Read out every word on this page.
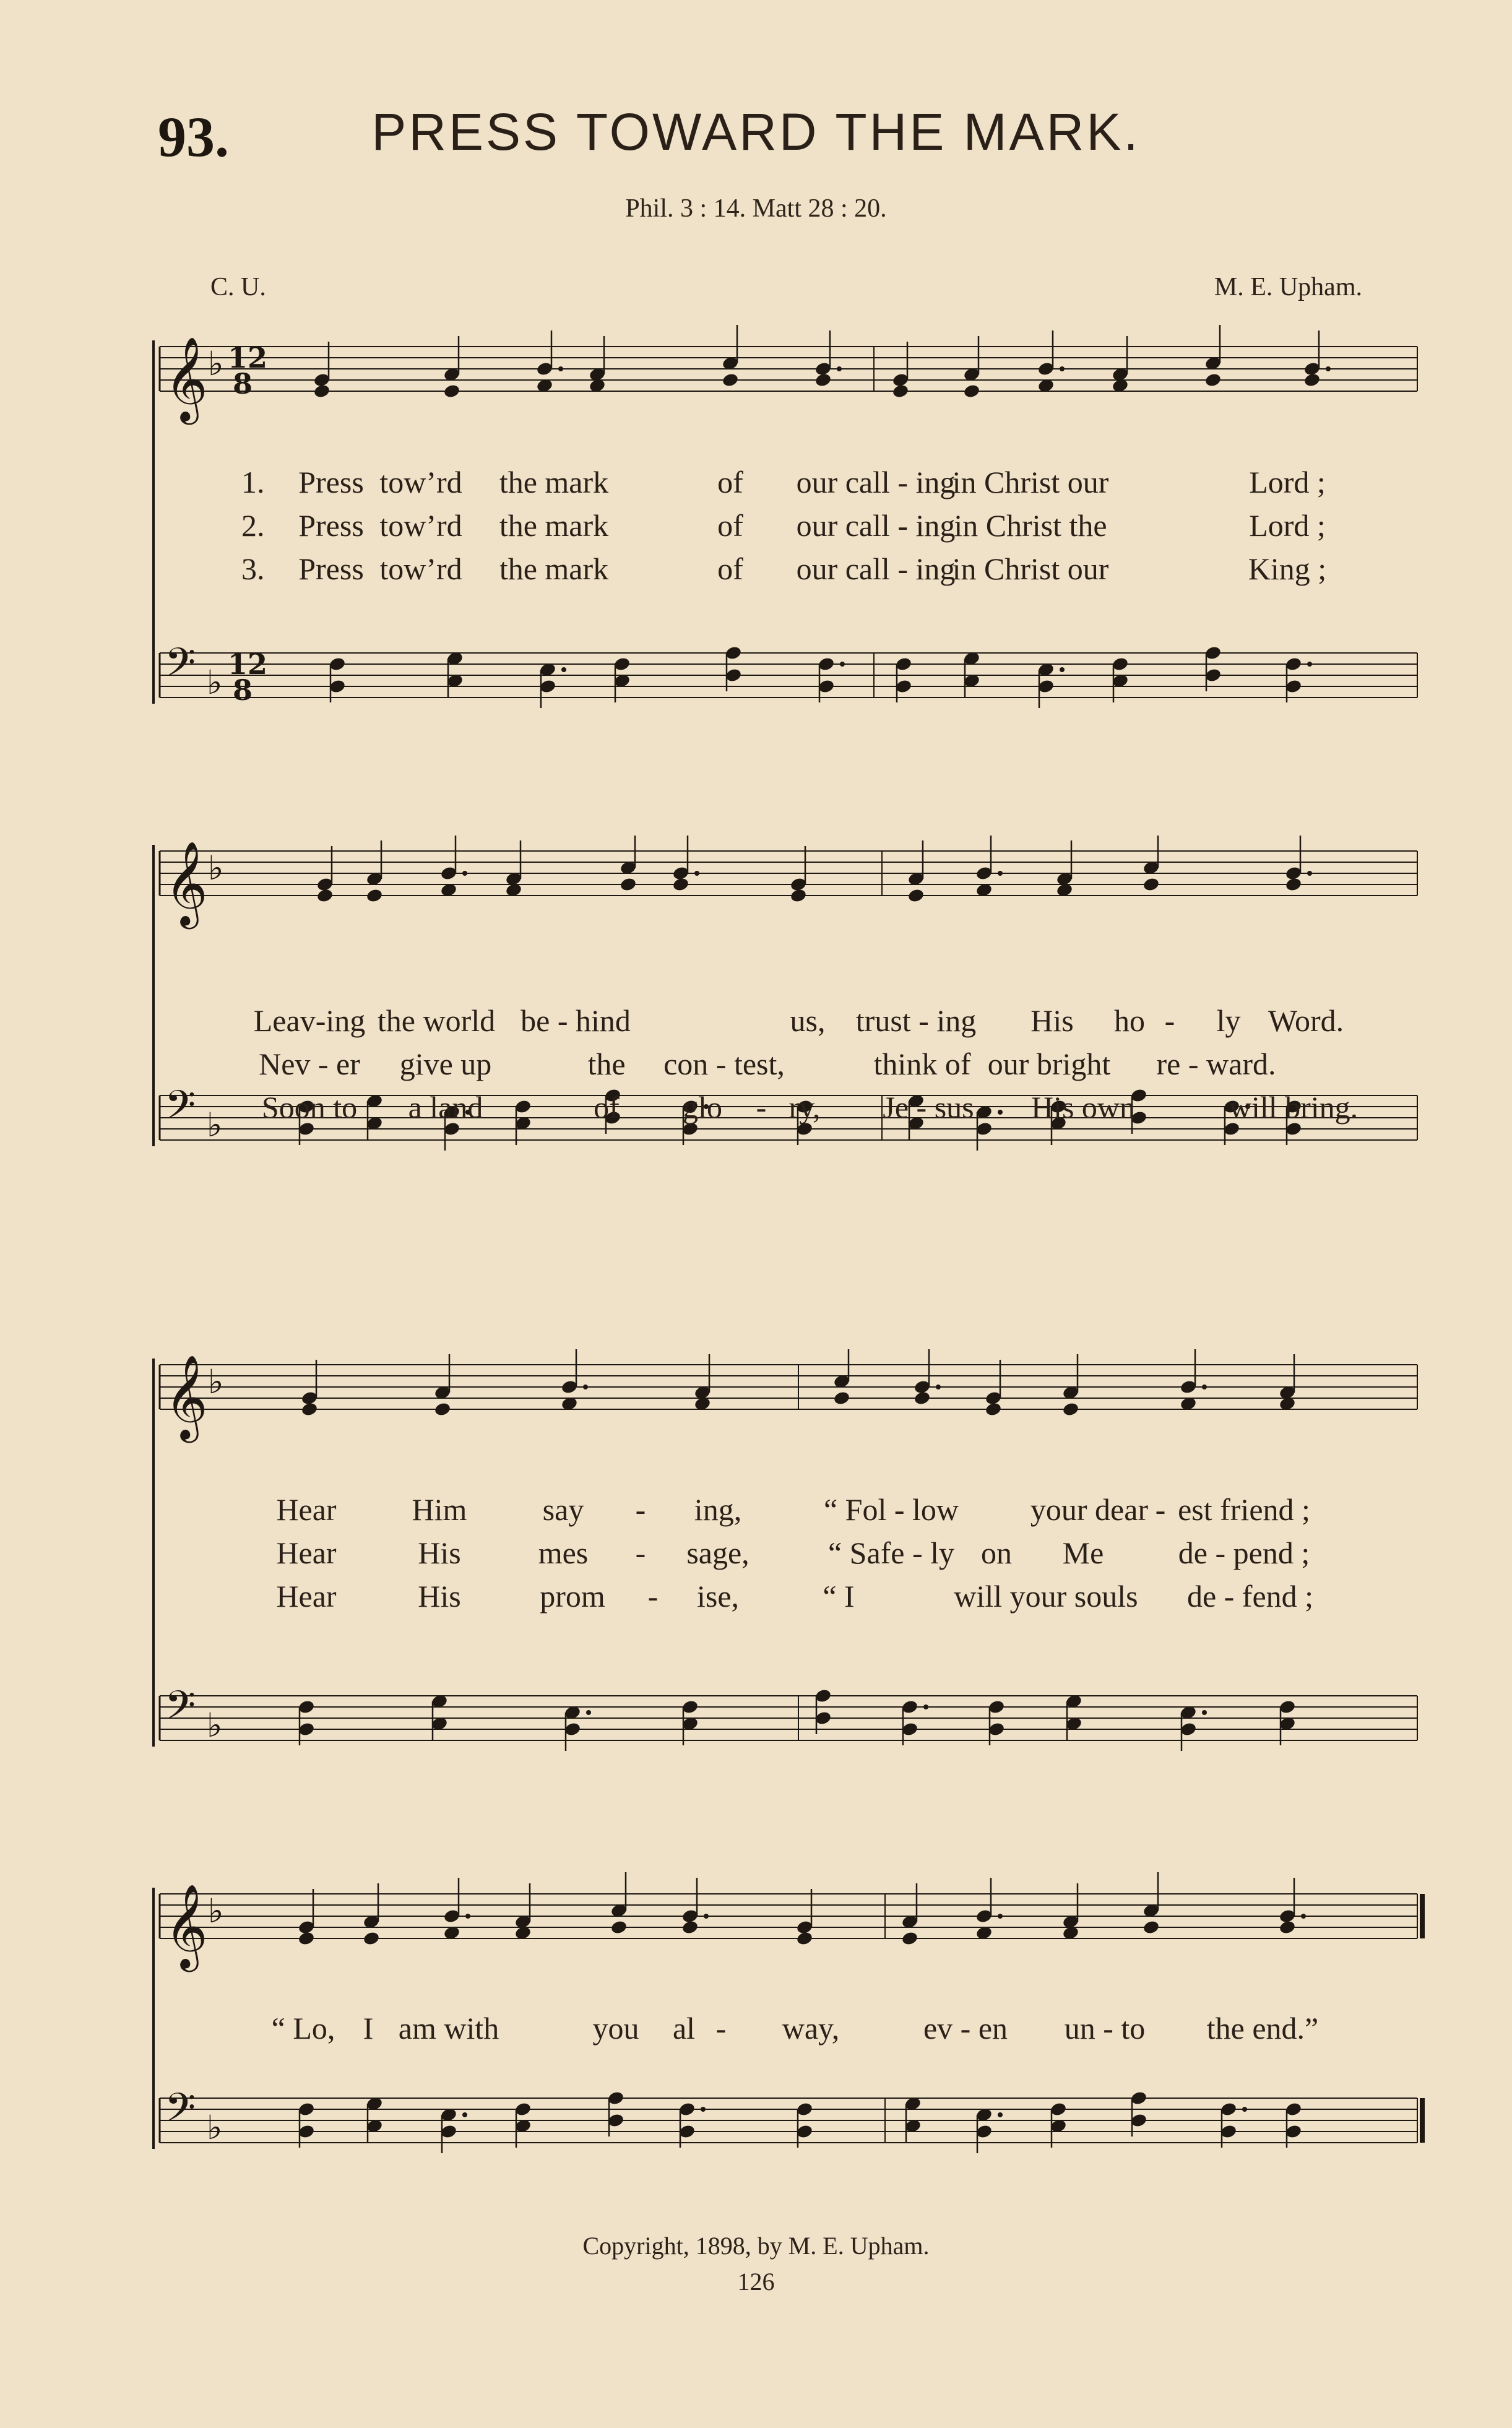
93.	PRESS TOWARD THE MARK.
Phil. 3 : 14. Matt 28 : 20.
C. U.	M. E. Upham.
𝄞 ♭ 12
8
𝄢 ♭ 12
8
1. Press tow’rd the mark	of our call - ing
in Christ our	Lord ;
2. Press tow’rd the mark	of our call - ing
in Christ the	Lord ;
3. Press tow’rd the mark	of our call - ing
in Christ our	King ;
𝄞 ♭
𝄢 ♭
Leav-ing the world be - hind	us, trust - ing His ho - ly Word.
Nev - er give up	the con - test,	think of our bright re - ward.
Soon to a land	of glo - ry, Je - sus His own	will bring.
𝄞 ♭
𝄢 ♭
Hear Him say - ing,	“ Fol - low your dear - est friend ;
Hear	His mes - sage,	“ Safe - ly on Me de - pend ;
Hear	His	prom - ise,	“ I	will your souls de - fend ;
𝄞 ♭
𝄢 ♭
“ Lo, I am with	you al - way,	ev - en un - to the end.”
Copyright, 1898, by M. E. Upham.
126
